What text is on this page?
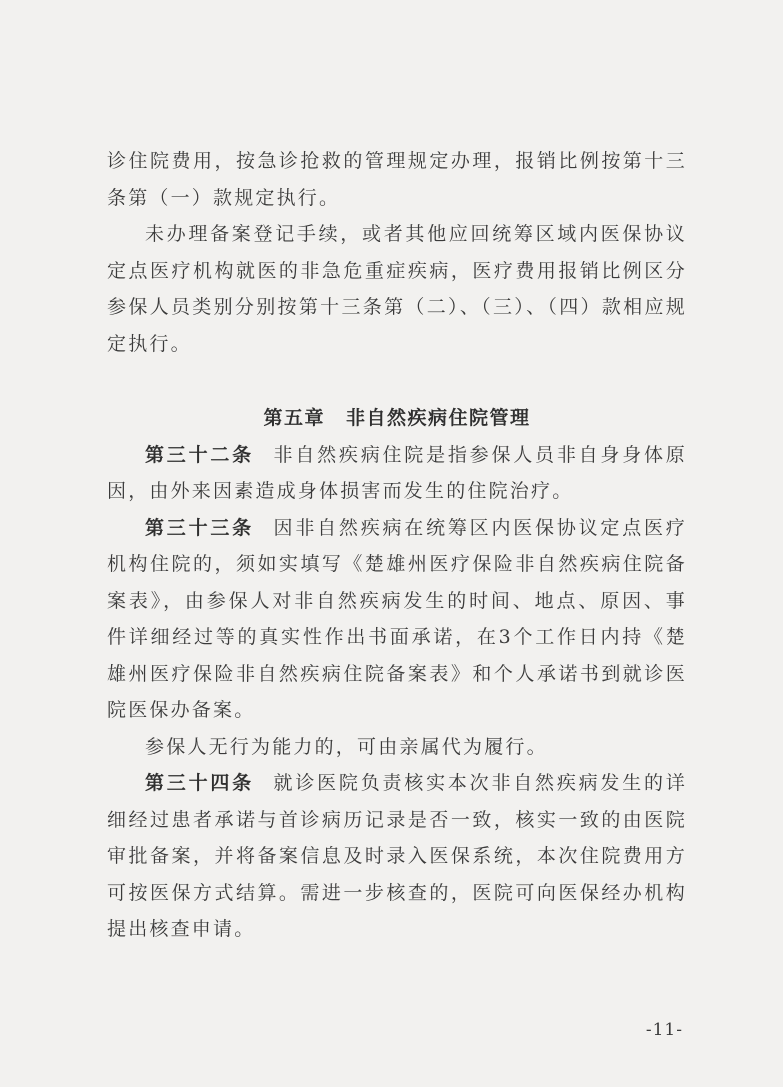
诊住院费用，按急诊抢救的管理规定办理，报销比例按第十三条第（一）款规定执行。

未办理备案登记手续，或者其他应回统筹区域内医保协议定点医疗机构就医的非急危重症疾病，医疗费用报销比例区分参保人员类别分别按第十三条第（二）、（三）、（四）款相应规定执行。

第五章 非自然疾病住院管理

第三十二条 非自然疾病住院是指参保人员非自身身体原因，由外来因素造成身体损害而发生的住院治疗。

第三十三条 因非自然疾病在统筹区内医保协议定点医疗机构住院的，须如实填写《楚雄州医疗保险非自然疾病住院备案表》，由参保人对非自然疾病发生的时间、地点、原因、事件详细经过等的真实性作出书面承诺，在3个工作日内持《楚雄州医疗保险非自然疾病住院备案表》和个人承诺书到就诊医院医保办备案。

参保人无行为能力的，可由亲属代为履行。

第三十四条 就诊医院负责核实本次非自然疾病发生的详细经过患者承诺与首诊病历记录是否一致，核实一致的由医院审批备案，并将备案信息及时录入医保系统，本次住院费用方可按医保方式结算。需进一步核查的，医院可向医保经办机构提出核查申请。

-11-
